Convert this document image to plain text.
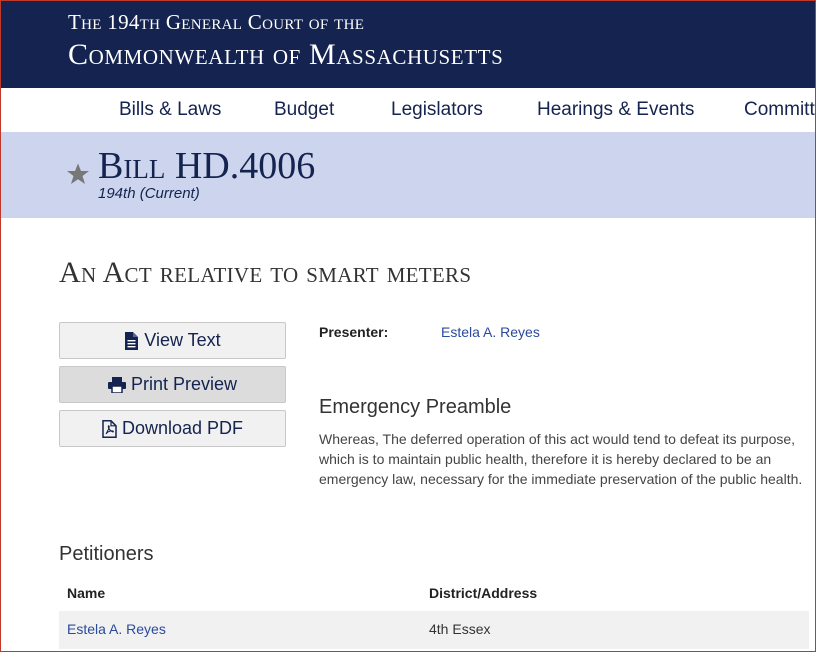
The 194th General Court of the
Commonwealth of Massachusetts
Bills & Laws	Budget	Legislators	Hearings & Events	Committ
Bill HD.4006
194th (Current)
An Act relative to smart meters
View Text
Print Preview
Download PDF
Presenter:	Estela A. Reyes
Emergency Preamble
Whereas, The deferred operation of this act would tend to defeat its purpose, which is to maintain public health, therefore it is hereby declared to be an emergency law, necessary for the immediate preservation of the public health.
Petitioners
Name	District/Address
Estela A. Reyes	4th Essex
